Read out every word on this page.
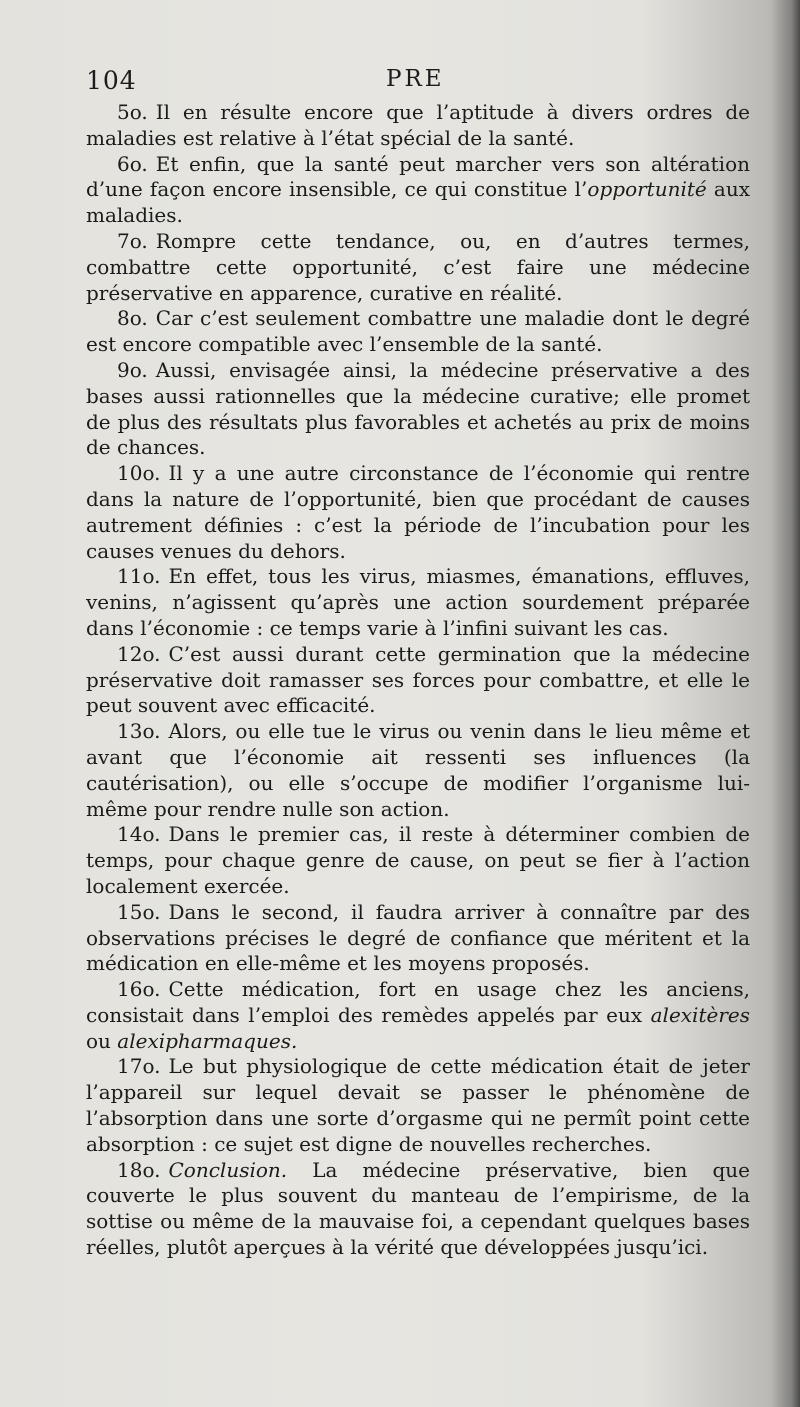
104	PRE

5o. Il en résulte encore que l’aptitude à divers ordres de maladies est relative à l’état spécial de la santé.

6o. Et enfin, que la santé peut marcher vers son altération d’une façon encore insensible, ce qui constitue l’opportunité aux maladies.

7o. Rompre cette tendance, ou, en d’autres termes, combattre cette opportunité, c’est faire une médecine préservative en apparence, curative en réalité.

8o. Car c’est seulement combattre une maladie dont le degré est encore compatible avec l’ensemble de la santé.

9o. Aussi, envisagée ainsi, la médecine préservative a des bases aussi rationnelles que la médecine curative; elle promet de plus des résultats plus favorables et achetés au prix de moins de chances.

10o. Il y a une autre circonstance de l’économie qui rentre dans la nature de l’opportunité, bien que procédant de causes autrement définies : c’est la période de l’incubation pour les causes venues du dehors.

11o. En effet, tous les virus, miasmes, émanations, effluves, venins, n’agissent qu’après une action sourdement préparée dans l’économie : ce temps varie à l’infini suivant les cas.

12o. C’est aussi durant cette germination que la médecine préservative doit ramasser ses forces pour combattre, et elle le peut souvent avec efficacité.

13o. Alors, ou elle tue le virus ou venin dans le lieu même et avant que l’économie ait ressenti ses influences (la cautérisation), ou elle s’occupe de modifier l’organisme lui-même pour rendre nulle son action.

14o. Dans le premier cas, il reste à déterminer combien de temps, pour chaque genre de cause, on peut se fier à l’action localement exercée.

15o. Dans le second, il faudra arriver à connaître par des observations précises le degré de confiance que méritent et la médication en elle-même et les moyens proposés.

16o. Cette médication, fort en usage chez les anciens, consistait dans l’emploi des remèdes appelés par eux alexitères ou alexipharmaques.

17o. Le but physiologique de cette médication était de jeter l’appareil sur lequel devait se passer le phénomène de l’absorption dans une sorte d’orgasme qui ne permît point cette absorption : ce sujet est digne de nouvelles recherches.

18o. Conclusion. La médecine préservative, bien que couverte le plus souvent du manteau de l’empirisme, de la sottise ou même de la mauvaise foi, a cependant quelques bases réelles, plutôt aperçues à la vérité que développées jusqu’ici.
